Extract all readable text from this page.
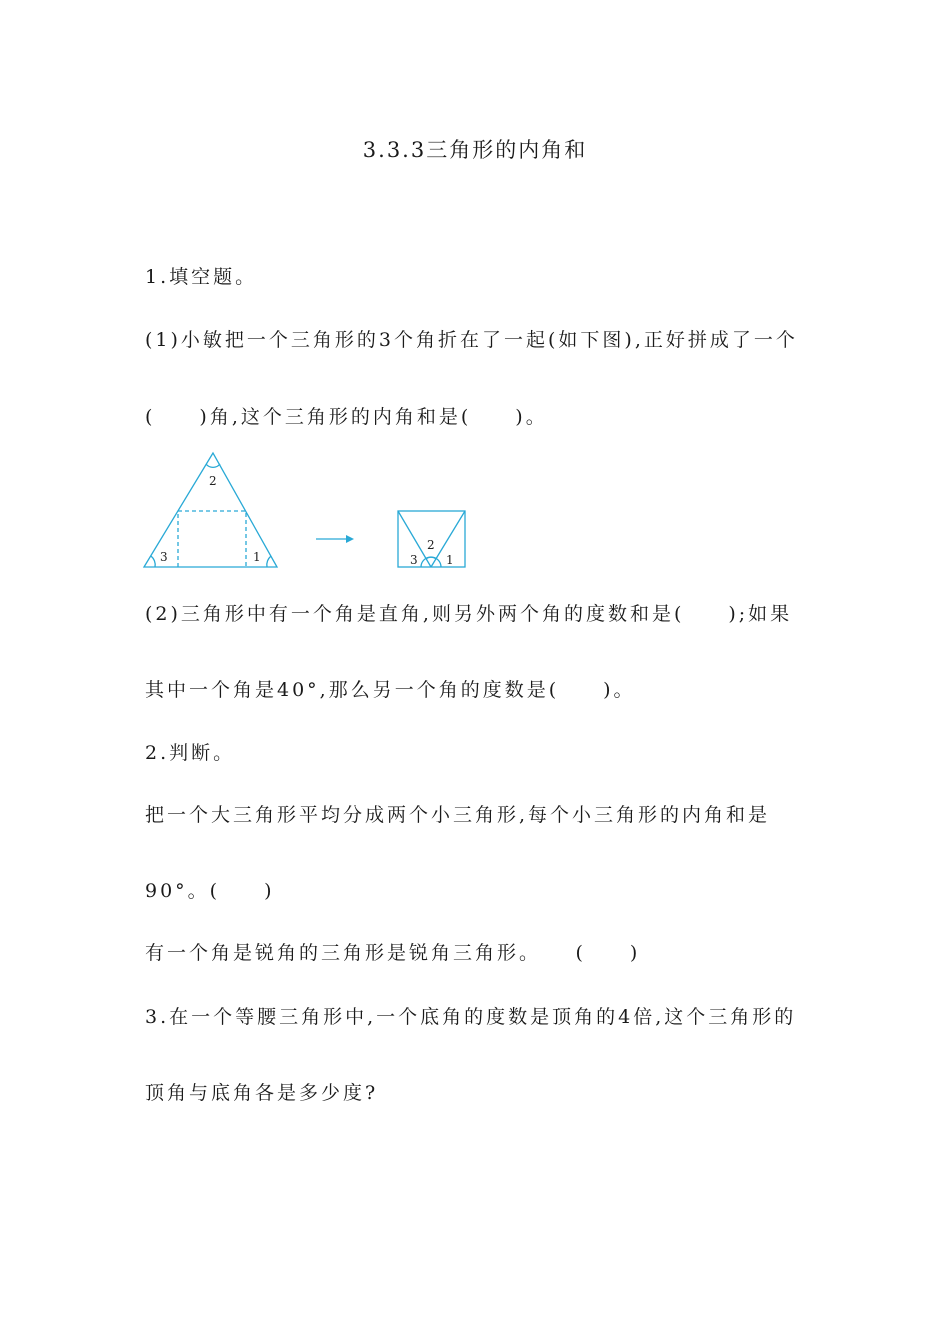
3.3.3三角形的内角和
1.填空题。
(1)小敏把一个三角形的3个角折在了一起(如下图),正好拼成了一个
(　　)角,这个三角形的内角和是(　　)。
2
3	1	3
2
1
(2)三角形中有一个角是直角,则另外两个角的度数和是(　　);如果
其中一个角是40°,那么另一个角的度数是(　　)。
2.判断。
把一个大三角形平均分成两个小三角形,每个小三角形的内角和是
90°。(　　)
有一个角是锐角的三角形是锐角三角形。　　(　　)
3.在一个等腰三角形中,一个底角的度数是顶角的4倍,这个三角形的
顶角与底角各是多少度?
